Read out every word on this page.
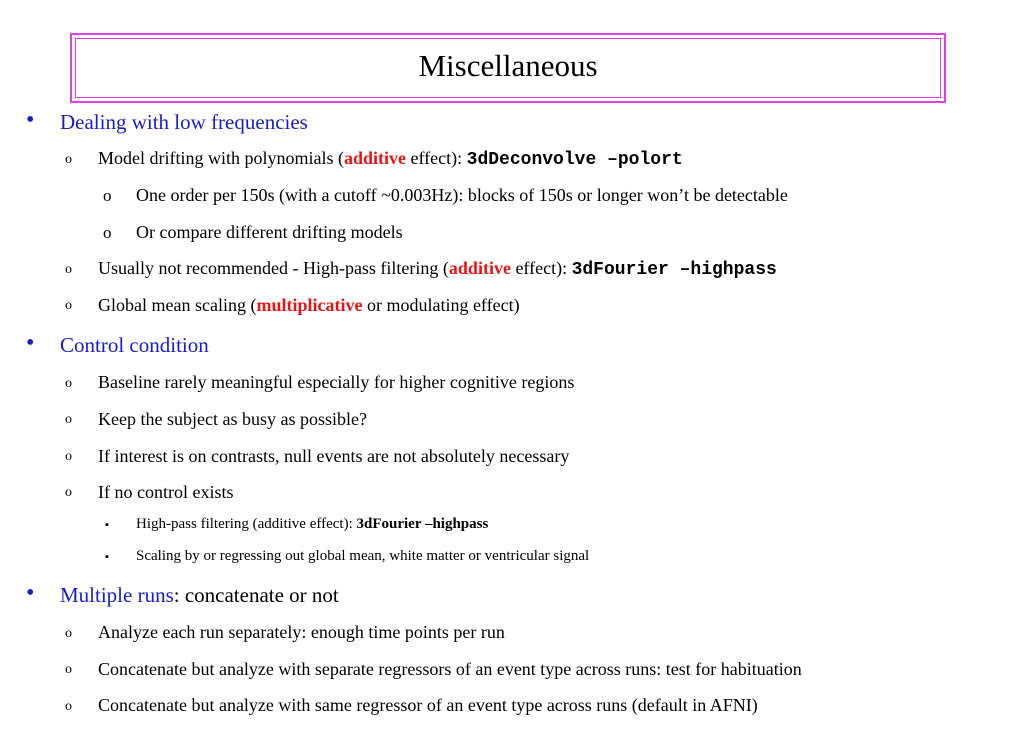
Miscellaneous
• Dealing with low frequencies
o Model drifting with polynomials (additive effect): 3dDeconvolve –polort
o One order per 150s (with a cutoff ~0.003Hz): blocks of 150s or longer won’t be detectable
o Or compare different drifting models
o Usually not recommended - High-pass filtering (additive effect): 3dFourier –highpass
o Global mean scaling (multiplicative or modulating effect)
• Control condition
o Baseline rarely meaningful especially for higher cognitive regions
o Keep the subject as busy as possible?
o If interest is on contrasts, null events are not absolutely necessary
o If no control exists
▪ High-pass filtering (additive effect): 3dFourier –highpass
▪ Scaling by or regressing out global mean, white matter or ventricular signal
• Multiple runs: concatenate or not
o Analyze each run separately: enough time points per run
o Concatenate but analyze with separate regressors of an event type across runs: test for habituation
o Concatenate but analyze with same regressor of an event type across runs (default in AFNI)
